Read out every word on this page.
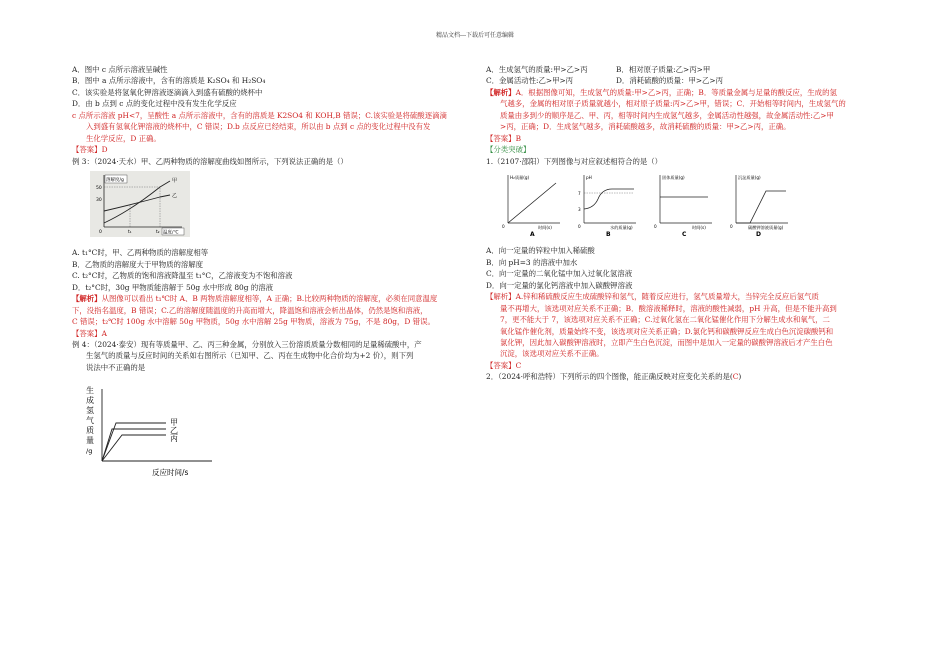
精品文档---下载后可任意编辑
A．图中 c 点所示溶液呈碱性
B．图中 a 点所示溶液中，含有的溶质是 K₂SO₄ 和 H₂SO₄
C．该实验是将氢氧化钾溶液逐滴滴入到盛有硫酸的烧杯中
D．由 b 点到 c 点的变化过程中没有发生化学反应
c 点所示溶液 pH<7，呈酸性 a 点所示溶液中，含有的溶质是 K2SO4 和 KOH,B 错误；C.该实验是将硫酸逐滴滴
入到盛有氢氧化钾溶液的烧杯中，C 错误；D.b 点反应已经结束，所以由 b 点到 c 点的变化过程中没有发
生化学反应，D 正确。
【答案】D
例 3：（2024·天水）甲、乙两种物质的溶解度曲线如图所示，下列说法正确的是（）
溶解度/g
50
30
甲
乙
0	t₁	t₂ 温度/℃
A. t₁°C时，甲、乙两种物质的溶解度相等
B．乙物质的溶解度大于甲物质的溶解度
C. t₂°C时，乙物质的饱和溶液降温至 t₁°C，乙溶液变为不饱和溶液
D．t₂°C时，30g 甲物质能溶解于 50g 水中形成 80g 的溶液
【解析】从图像可以看出 t₁℃时 A、B 两物质溶解度相等，A 正确；B.比较两种物质的溶解度，必须在同意温度
下，没指名温度，B 错误；C.乙的溶解度随温度的升高而增大，降温饱和溶液会析出晶体，仍然是饱和溶液，
C 错误；t₂℃时 100g 水中溶解 50g 甲物质，50g 水中溶解 25g 甲物质，溶液为 75g，不是 80g，D 错误。
【答案】A
例 4：（2024·泰安）现有等质量甲、乙、丙三种金属，分别放入三份溶质质量分数相同的足量稀硫酸中，产
生氢气的质量与反应时间的关系如右图所示（已知甲、乙、丙在生成物中化合价均为+2 价），则下列
说法中不正确的是
生
成
氢
气
质
量
/g
甲
乙
丙
反应时间/s
A．生成氢气的质量:甲>乙>丙	B．相对原子质量:乙>丙>甲
C．金属活动性:乙>甲>丙	D．消耗硫酸的质量：甲>乙>丙
【解析】A．根据图像可知，生成氢气的质量:甲>乙>丙，正确；B．等质量金属与足量的酸反应，生成的氢
气越多，金属的相对原子质量就越小，相对原子质量:丙>乙>甲，错误；C．开始相等时间内，生成氢气的
质量由多到少的顺序是乙、甲、丙，相等时间内生成氢气越多，金属活动性越强，故金属活动性:乙>甲
>丙，正确；D．生成氢气越多，消耗硫酸越多，故消耗硫酸的质量：甲>乙>丙，正确。
【答案】B
【分类突破】
1.（2107·邵阳）下列图像与对应叙述相符合的是（）
H₂质量(g)
时间(s)
0
A
pH
7
3
水的质量(g)
0
B
固体质量(g)
时间(s)
0
C
沉淀质量(g)
碳酸钾溶液质量(g)
0
D
A．向一定量的锌粒中加入稀硫酸
B．向 pH=3 的溶液中加水
C．向一定量的二氧化锰中加入过氧化氢溶液
D．向一定量的氯化钙溶液中加入碳酸钾溶液
【解析】A.锌和稀硫酸反应生成硫酸锌和氢气，随着反应进行，氢气质量增大，当锌完全反应后氢气质
量不再增大，该选项对应关系不正确；B．酸溶液稀释时，溶液的酸性减弱，pH 升高，但是不能升高到
7，更不能大于 7，该选项对应关系不正确；C.过氧化氢在二氧化锰催化作用下分解生成水和氧气，二
氧化锰作催化剂，质量始终不变，该选项对应关系正确；D.氯化钙和碳酸钾反应生成白色沉淀碳酸钙和
氯化钾，因此加入碳酸钾溶液时，立即产生白色沉淀，而图中是加入一定量的碳酸钾溶液后才产生白色
沉淀，该选项对应关系不正确。
【答案】C
2．（2024·呼和浩特）下列所示的四个图像，能正确反映对应变化关系的是(C)
